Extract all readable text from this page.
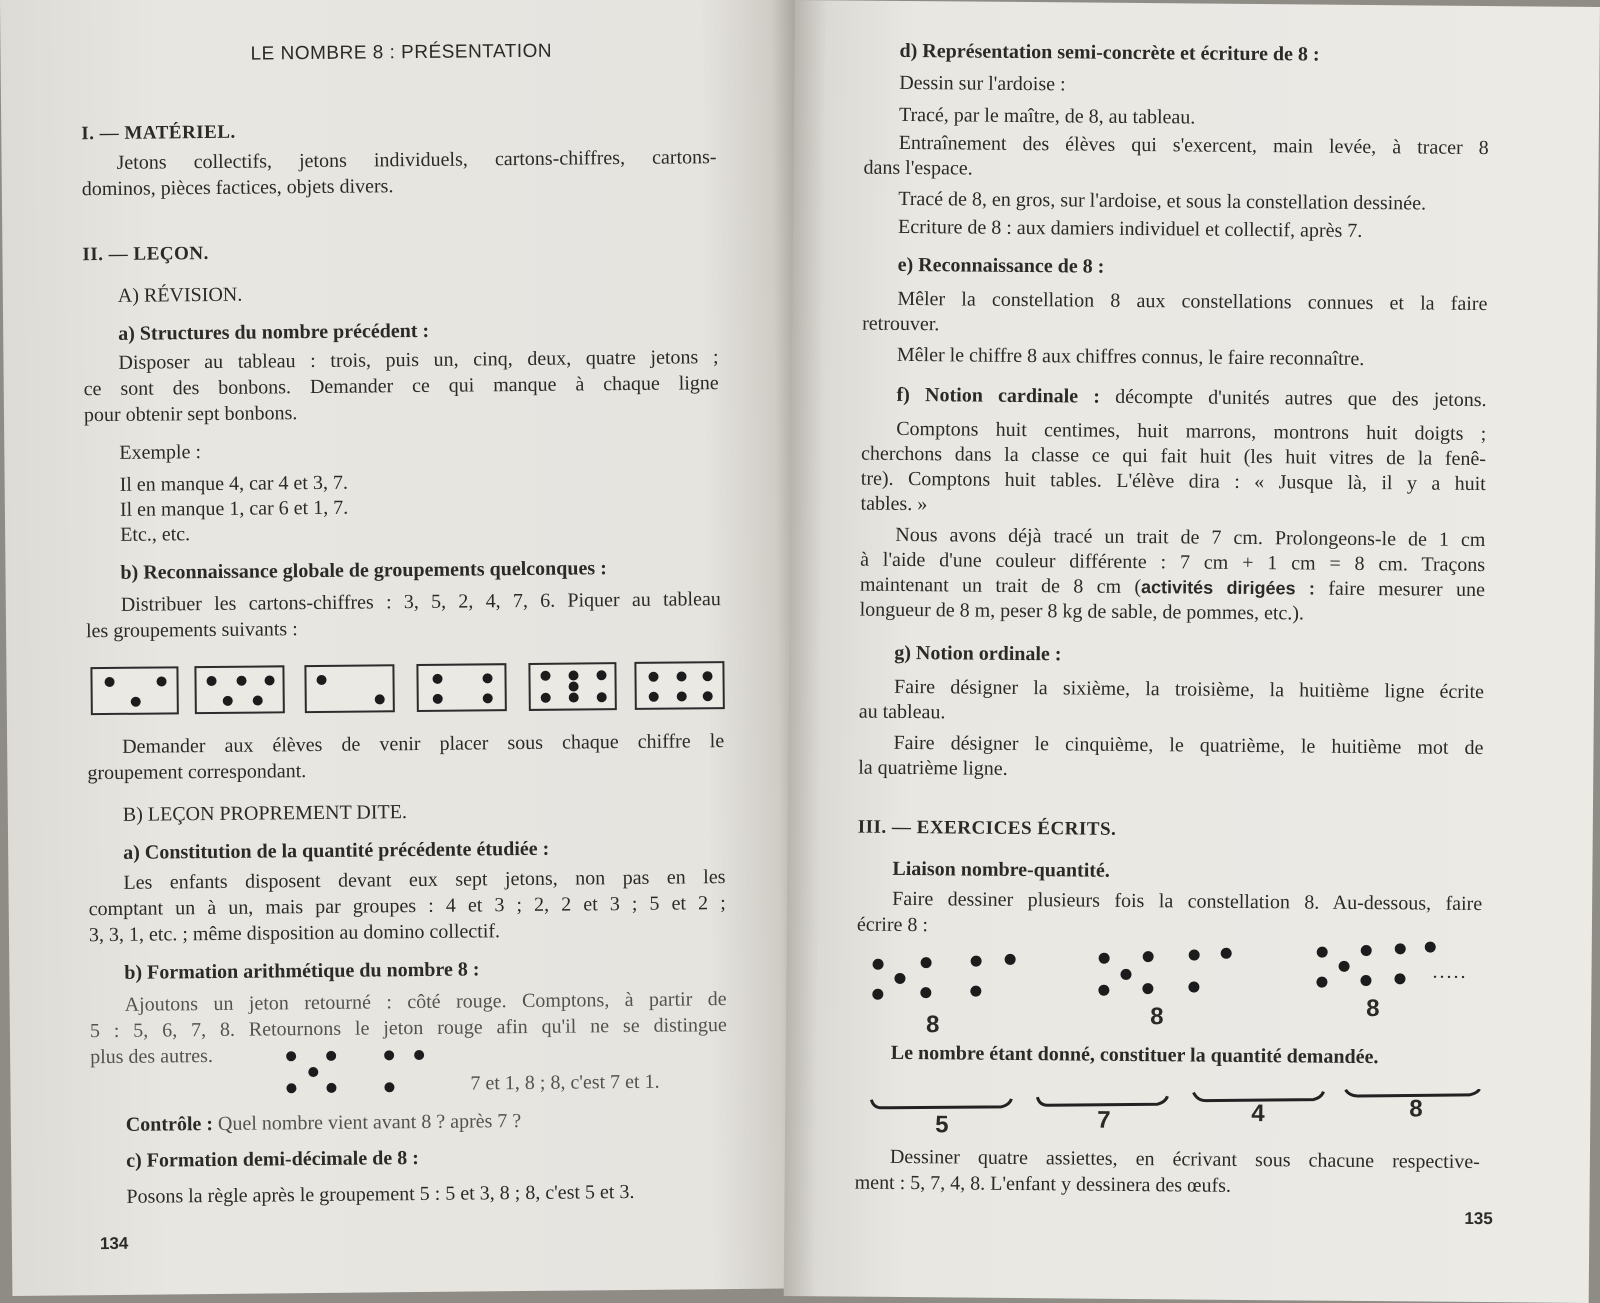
LE NOMBRE 8 : PRÉSENTATION
I. — MATÉRIEL.
Jetons collectifs, jetons individuels, cartons-chiffres, cartons-
dominos, pièces factices, objets divers.
II. — LEÇON.
A) RÉVISION.
a) Structures du nombre précédent :
Disposer au tableau : trois, puis un, cinq, deux, quatre jetons ;
ce sont des bonbons. Demander ce qui manque à chaque ligne
pour obtenir sept bonbons.
Exemple :
Il en manque 4, car 4 et 3, 7.
Il en manque 1, car 6 et 1, 7.
Etc., etc.
b) Reconnaissance globale de groupements quelconques :
Distribuer les cartons-chiffres : 3, 5, 2, 4, 7, 6. Piquer au tableau
les groupements suivants :
Demander aux élèves de venir placer sous chaque chiffre le
groupement correspondant.
B) LEÇON PROPREMENT DITE.
a) Constitution de la quantité précédente étudiée :
Les enfants disposent devant eux sept jetons, non pas en les
comptant un à un, mais par groupes : 4 et 3 ; 2, 2 et 3 ; 5 et 2 ;
3, 3, 1, etc. ; même disposition au domino collectif.
b) Formation arithmétique du nombre 8 :
Ajoutons un jeton retourné : côté rouge. Comptons, à partir de
5 : 5, 6, 7, 8. Retournons le jeton rouge afin qu'il ne se distingue
plus des autres.
7 et 1, 8 ; 8, c'est 7 et 1.
Contrôle : Quel nombre vient avant 8 ? après 7 ?
c) Formation demi-décimale de 8 :
Posons la règle après le groupement 5 : 5 et 3, 8 ; 8, c'est 5 et 3.
134
d) Représentation semi-concrète et écriture de 8 :
Dessin sur l'ardoise :
Tracé, par le maître, de 8, au tableau.
Entraînement des élèves qui s'exercent, main levée, à tracer 8
dans l'espace.
Tracé de 8, en gros, sur l'ardoise, et sous la constellation dessinée.
Ecriture de 8 : aux damiers individuel et collectif, après 7.
e) Reconnaissance de 8 :
Mêler la constellation 8 aux constellations connues et la faire
retrouver.
Mêler le chiffre 8 aux chiffres connus, le faire reconnaître.
f) Notion cardinale : décompte d'unités autres que des jetons.
Comptons huit centimes, huit marrons, montrons huit doigts ;
cherchons dans la classe ce qui fait huit (les huit vitres de la fenê-
tre). Comptons huit tables. L'élève dira : « Jusque là, il y a huit
tables. »
Nous avons déjà tracé un trait de 7 cm. Prolongeons-le de 1 cm
à l'aide d'une couleur différente : 7 cm + 1 cm = 8 cm. Traçons
maintenant un trait de 8 cm (activités dirigées : faire mesurer une
longueur de 8 m, peser 8 kg de sable, de pommes, etc.).
g) Notion ordinale :
Faire désigner la sixième, la troisième, la huitième ligne écrite
au tableau.
Faire désigner le cinquième, le quatrième, le huitième mot de
la quatrième ligne.
III. — EXERCICES ÉCRITS.
Liaison nombre-quantité.
Faire dessiner plusieurs fois la constellation 8. Au-dessous, faire
écrire 8 :
8	8
.....
8
Le nombre étant donné, constituer la quantité demandée.
5	7	4	8
Dessiner quatre assiettes, en écrivant sous chacune respective-
ment : 5, 7, 4, 8. L'enfant y dessinera des œufs.
135
